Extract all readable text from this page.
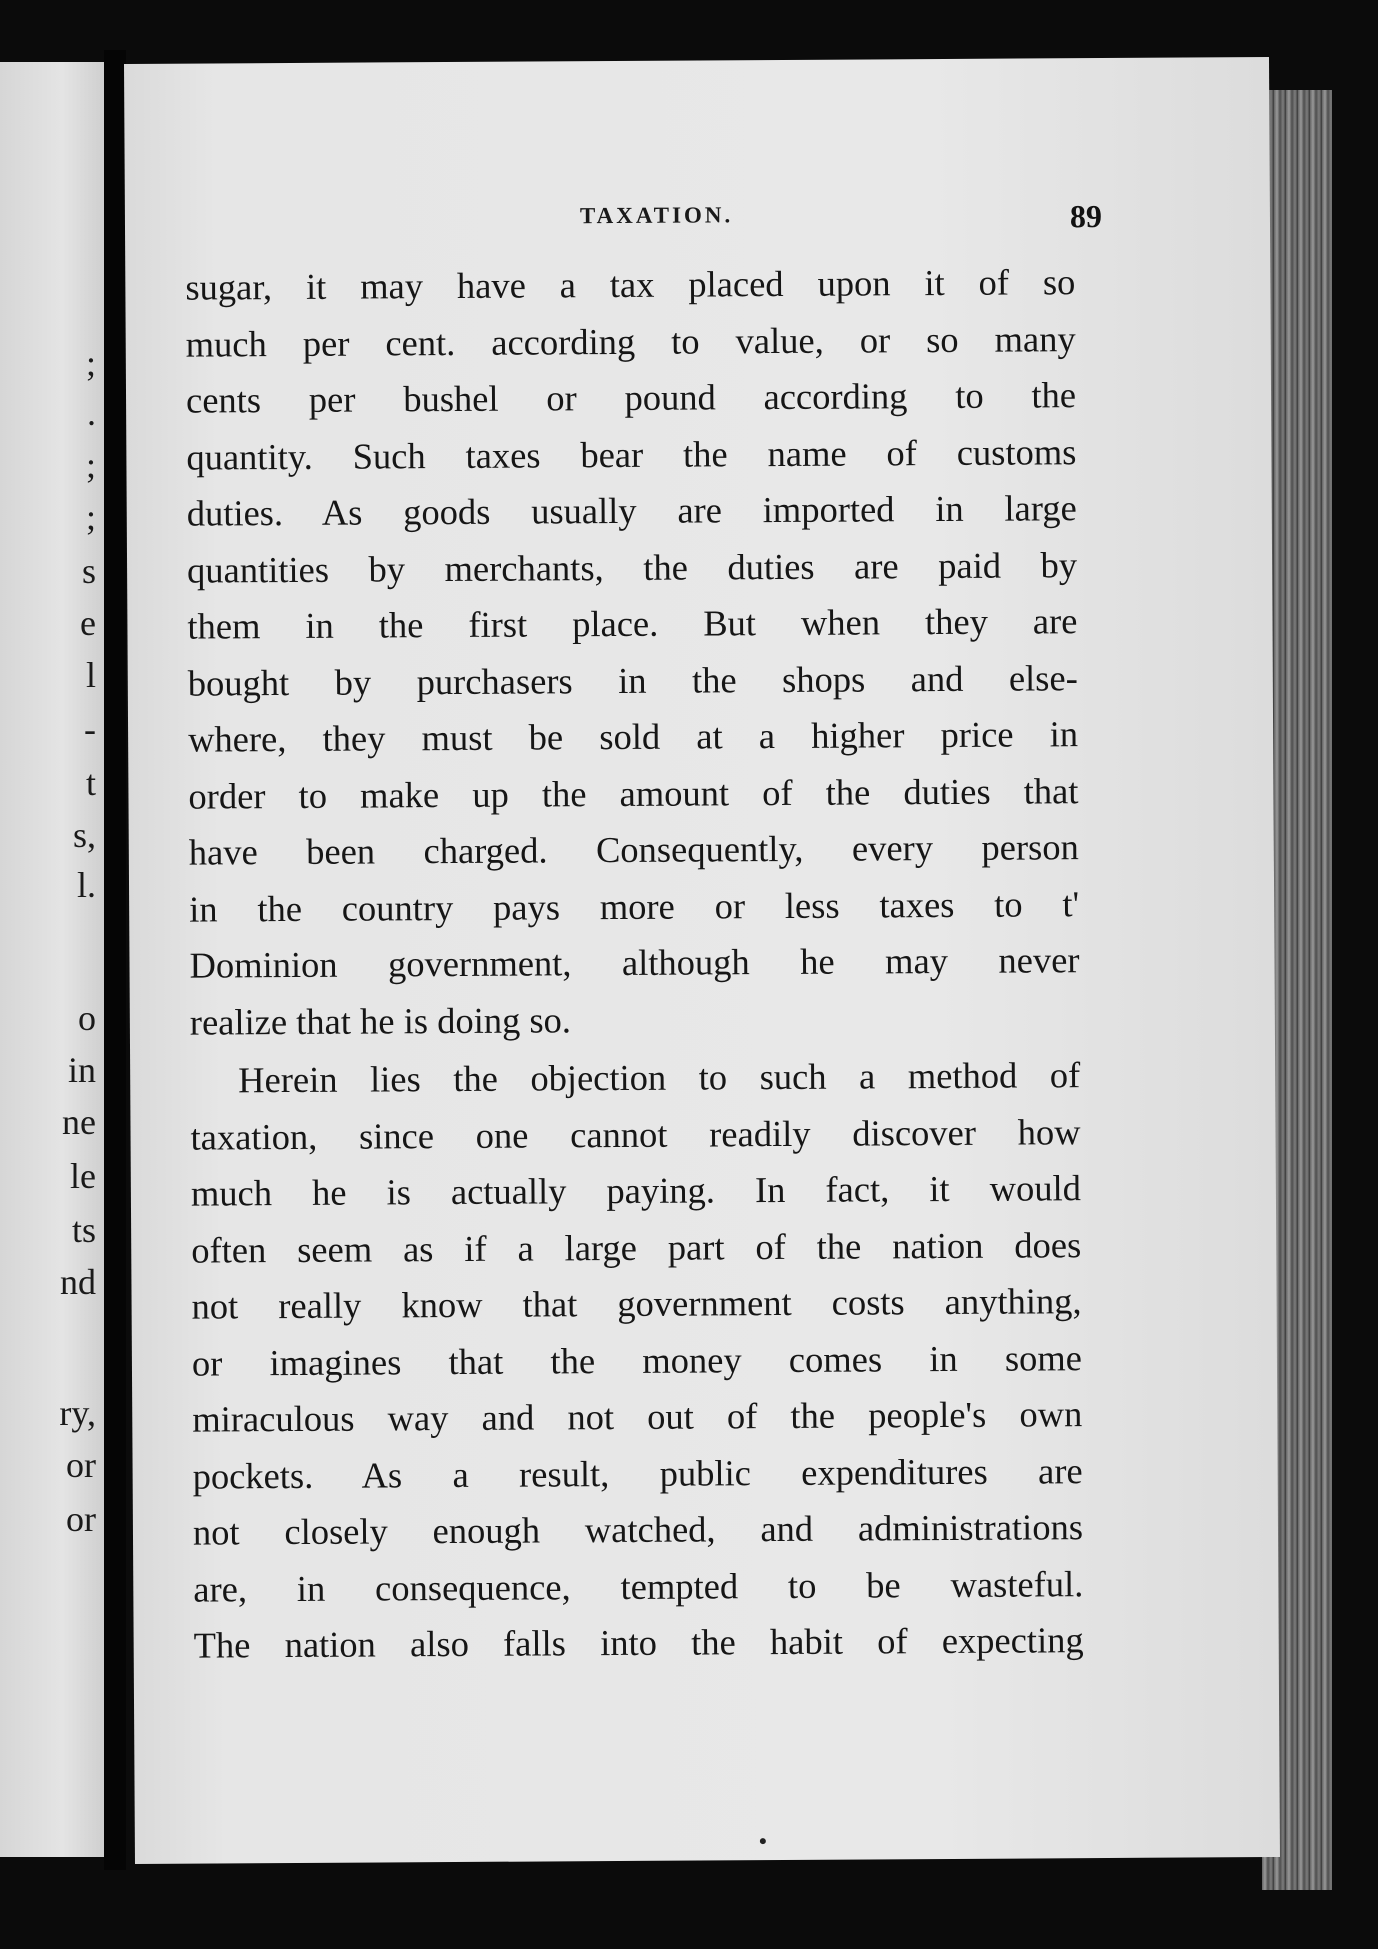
;
.
;
;
s
e
l
-
t
s,
l.
o
in
ne
le
ts
nd
ry,
or
or
TAXATION.	89
sugar, it may have a tax placed upon it of so
much per cent. according to value, or so many
cents per bushel or pound according to the
quantity. Such taxes bear the name of customs
duties. As goods usually are imported in large
quantities by merchants, the duties are paid by
them in the first place. But when they are
bought by purchasers in the shops and else-
where, they must be sold at a higher price in
order to make up the amount of the duties that
have been charged. Consequently, every person
in the country pays more or less taxes to t'
Dominion government, although he may never
realize that he is doing so.
Herein lies the objection to such a method of
taxation, since one cannot readily discover how
much he is actually paying. In fact, it would
often seem as if a large part of the nation does
not really know that government costs anything,
or imagines that the money comes in some
miraculous way and not out of the people's own
pockets. As a result, public expenditures are
not closely enough watched, and administrations
are, in consequence, tempted to be wasteful.
The nation also falls into the habit of expecting
